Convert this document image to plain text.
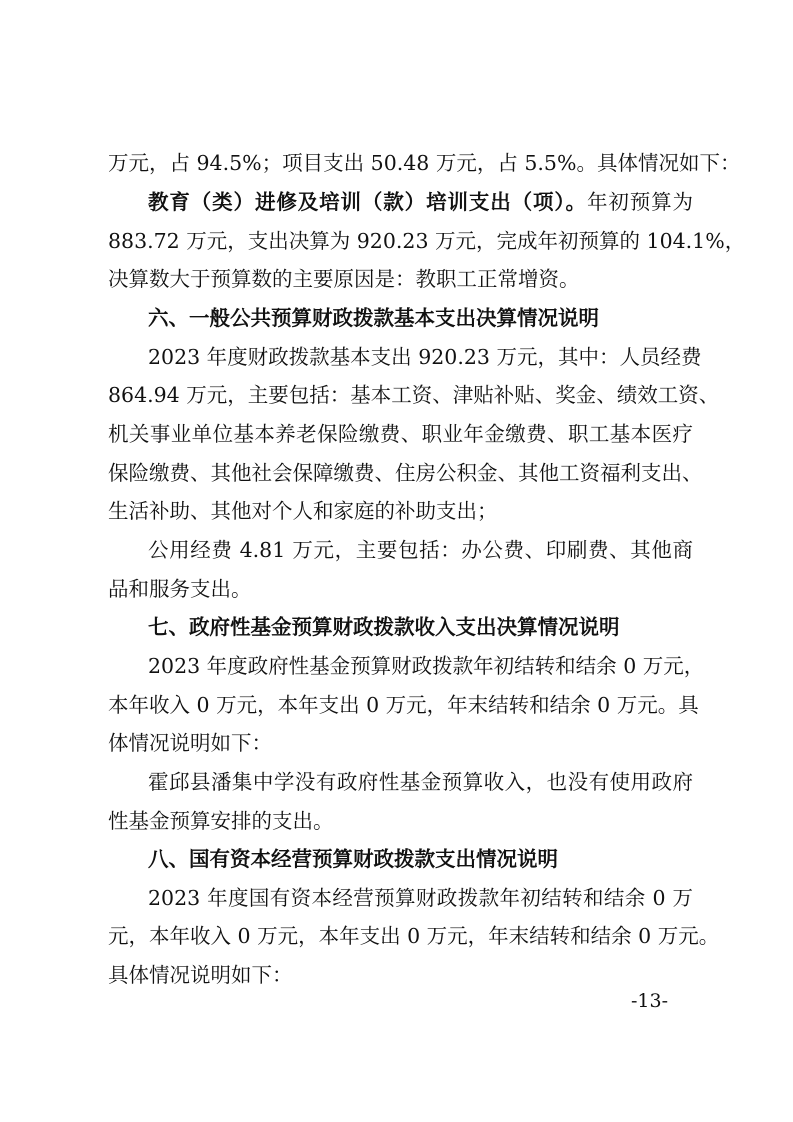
万元，占 94.5%；项目支出 50.48 万元，占 5.5%。具体情况如下：
教育（类）进修及培训（款）培训支出（项）。年初预算为
883.72 万元，支出决算为 920.23 万元，完成年初预算的 104.1%，
决算数大于预算数的主要原因是：教职工正常增资。
六、一般公共预算财政拨款基本支出决算情况说明
2023 年度财政拨款基本支出 920.23 万元，其中：人员经费
864.94 万元，主要包括：基本工资、津贴补贴、奖金、绩效工资、
机关事业单位基本养老保险缴费、职业年金缴费、职工基本医疗
保险缴费、其他社会保障缴费、住房公积金、其他工资福利支出、
生活补助、其他对个人和家庭的补助支出；
公用经费 4.81 万元，主要包括：办公费、印刷费、其他商
品和服务支出。
七、政府性基金预算财政拨款收入支出决算情况说明
2023 年度政府性基金预算财政拨款年初结转和结余 0 万元，
本年收入 0 万元，本年支出 0 万元，年末结转和结余 0 万元。具
体情况说明如下：
霍邱县潘集中学没有政府性基金预算收入，也没有使用政府
性基金预算安排的支出。
八、国有资本经营预算财政拨款支出情况说明
2023 年度国有资本经营预算财政拨款年初结转和结余 0 万
元，本年收入 0 万元，本年支出 0 万元，年末结转和结余 0 万元。
具体情况说明如下：
-13-
